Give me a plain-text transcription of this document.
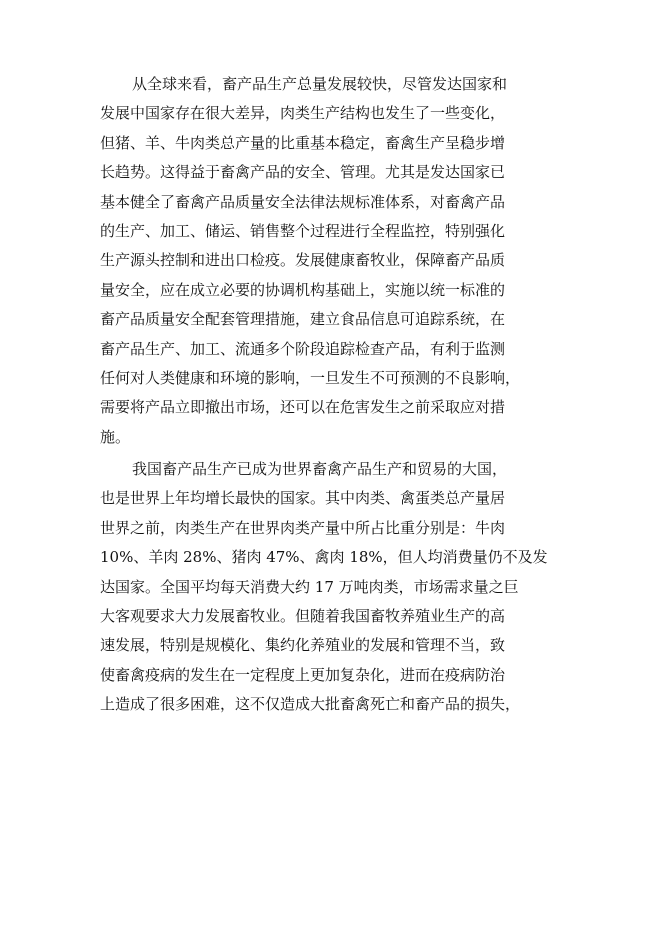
从全球来看，畜产品生产总量发展较快，尽管发达国家和
发展中国家存在很大差异，肉类生产结构也发生了一些变化，
但猪、羊、牛肉类总产量的比重基本稳定，畜禽生产呈稳步增
长趋势。这得益于畜禽产品的安全、管理。尤其是发达国家已
基本健全了畜禽产品质量安全法律法规标准体系，对畜禽产品
的生产、加工、储运、销售整个过程进行全程监控，特别强化
生产源头控制和进出口检疫。发展健康畜牧业，保障畜产品质
量安全，应在成立必要的协调机构基础上，实施以统一标准的
畜产品质量安全配套管理措施，建立食品信息可追踪系统，在
畜产品生产、加工、流通多个阶段追踪检查产品，有利于监测
任何对人类健康和环境的影响，一旦发生不可预测的不良影响，
需要将产品立即撤出市场，还可以在危害发生之前采取应对措
施。
我国畜产品生产已成为世界畜禽产品生产和贸易的大国，
也是世界上年均增长最快的国家。其中肉类、禽蛋类总产量居
世界之前，肉类生产在世界肉类产量中所占比重分别是：牛肉
10%、羊肉 28%、猪肉 47%、禽肉 18%，但人均消费量仍不及发
达国家。全国平均每天消费大约 17 万吨肉类，市场需求量之巨
大客观要求大力发展畜牧业。但随着我国畜牧养殖业生产的高
速发展，特别是规模化、集约化养殖业的发展和管理不当，致
使畜禽疫病的发生在一定程度上更加复杂化，进而在疫病防治
上造成了很多困难，这不仅造成大批畜禽死亡和畜产品的损失，
